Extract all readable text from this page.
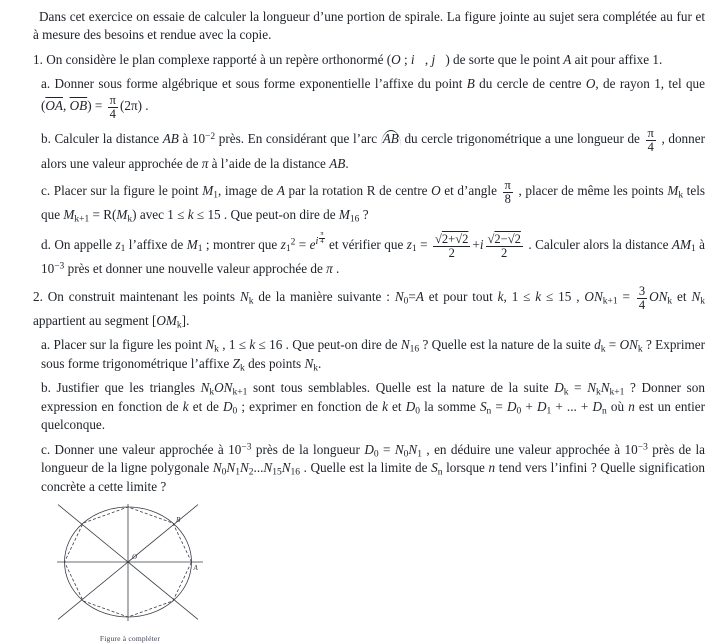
Dans cet exercice on essaie de calculer la longueur d’une portion de spirale. La figure jointe au sujet sera complétée au fur et à mesure des besoins et rendue avec la copie.

1. On considère le plan complexe rapporté à un repère orthonormé (O ; i⃗, j⃗) de sorte que le point A ait pour affixe 1.

a. Donner sous forme algébrique et sous forme exponentielle l’affixe du point B du cercle de centre O, de rayon 1, tel que ($\overline{OA}$, $\overline{OB}) = \frac{\pi}{4} (2\pi)$ .

b. Calculer la distance AB à $10^{-2}$ près. En considérant que l’arc AB du cercle trigonométrique a une longueur de $\frac{\pi}{4}$ , donner alors une valeur approchée de π à l’aide de la distance AB.

c. Placer sur la figure le point $M_1$, image de A par la rotation R de centre O et d’angle $\frac{\pi}{8}$ , placer de même les points $M_k$ tels que $M_{k+1} = R(M_k)$ avec 1 ≤ k ≤ 15 . Que peut-on dire de $M_{16}$ ?

d. On appelle $z_1$ l’affixe de $M_1$ ; montrer que $z_1^2 = e^{i \frac{\pi}{4}}$ et vérifier que $z_1 = \frac{√2+√2}{2} +i \frac{√2-√2}{2}$ . Calculer alors la distance $AM_1$ à $10^{-3}$ près et donner une nouvelle valeur approchée de π .

2. On construit maintenant les points $N_k$ de la manière suivante : $N_0=A$ et pour tout k, 1 ≤ k ≤ 15 , $ON_{k+1} = \frac{3}{4} ON_k$ et $N_k$ appartient au segment $[OM_k]$.

a. Placer sur la figure les point $N_k$ , 1 ≤ k ≤ 16 . Que peut-on dire de $N_{16}$ ? Quelle est la nature de la suite $d_k = ON_k$ ? Exprimer sous forme trigonométrique l’affixe $Z_k$ des points $N_k$.

b. Justifier que les triangles $N_kON_{k+1}$ sont tous semblables. Quelle est la nature de la suite $D_k = N_kN_{k+1}$ ? Donner son expression en fonction de k et de $D_0$ ; exprimer en fonction de k et $D_0$ la somme $S_n = D_0 + D_1$ + ... + $D_n$ où n est un entier quelconque.

c. Donner une valeur approchée à $10^{-3}$ près de la longueur $D_0 = N_0N_1$ , en déduire une valeur approchée à $10^{-3}$ près de la longueur de la ligne polygonale $N_0N_1N_2...N_{15}N_{16}$ . Quelle est la limite de $S_n$ lorsque n tend vers l’infini ? Quelle signification concrète a cette limite ?

O
B
A
Figure à compléter
